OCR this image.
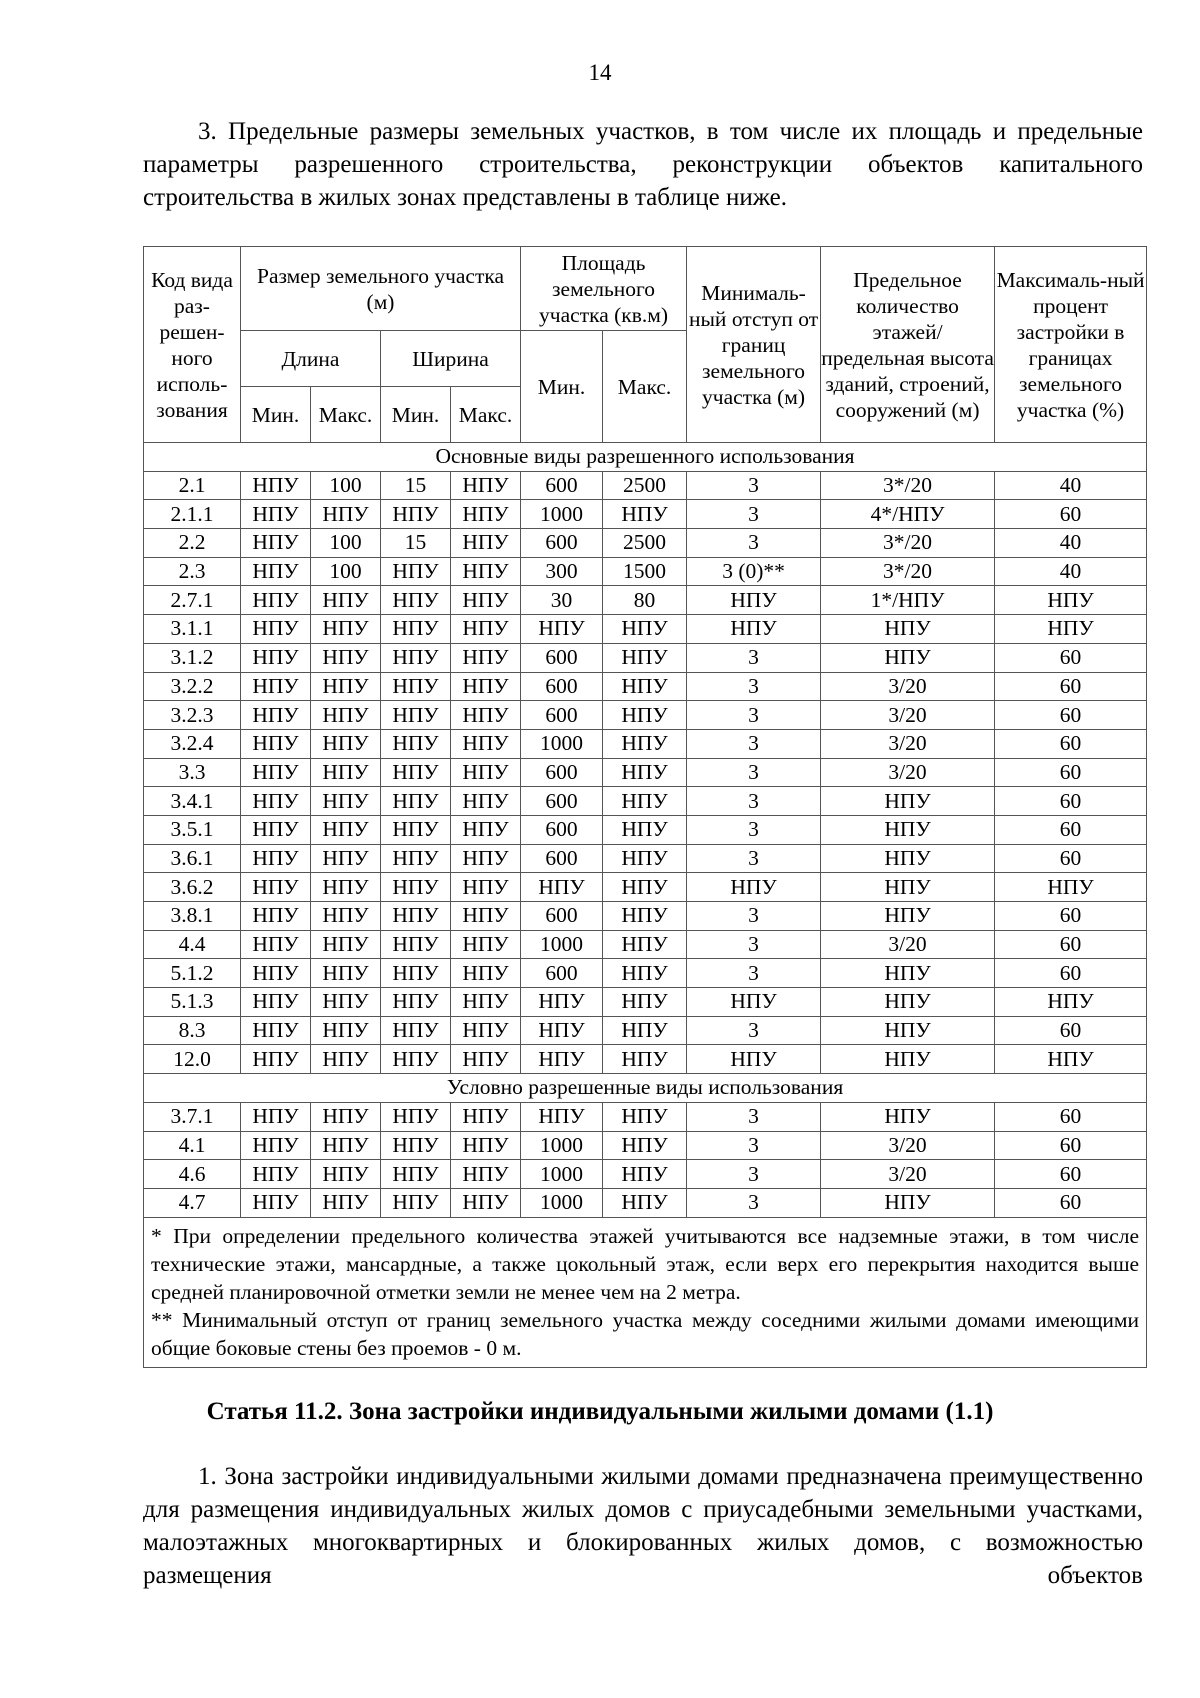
14

3. Предельные размеры земельных участков, в том числе их площадь и предельные параметры разрешенного строительства, реконструкции объектов капитального строительства в жилых зонах представлены в таблице ниже.

Код вида раз-решен-ного исполь-зования	Размер земельного участка (м)				Площадь земельного участка (кв.м)		Минималь-ный отступ от границ земельного участка (м)	Предельное количество этажей/ предельная высота зданий, строений, сооружений (м)	Максималь-ный процент застройки в границах земельного участка (%)
	Длина		Ширина		Мин.	Макс.			
	Мин.	Макс.	Мин.	Макс.					
Основные виды разрешенного использования									
2.1	НПУ	100	15	НПУ	600	2500	3	3*/20	40
2.1.1	НПУ	НПУ	НПУ	НПУ	1000	НПУ	3	4*/НПУ	60
2.2	НПУ	100	15	НПУ	600	2500	3	3*/20	40
2.3	НПУ	100	НПУ	НПУ	300	1500	3 (0)**	3*/20	40
2.7.1	НПУ	НПУ	НПУ	НПУ	30	80	НПУ	1*/НПУ	НПУ
3.1.1	НПУ	НПУ	НПУ	НПУ	НПУ	НПУ	НПУ	НПУ	НПУ
3.1.2	НПУ	НПУ	НПУ	НПУ	600	НПУ	3	НПУ	60
3.2.2	НПУ	НПУ	НПУ	НПУ	600	НПУ	3	3/20	60
3.2.3	НПУ	НПУ	НПУ	НПУ	600	НПУ	3	3/20	60
3.2.4	НПУ	НПУ	НПУ	НПУ	1000	НПУ	3	3/20	60
3.3	НПУ	НПУ	НПУ	НПУ	600	НПУ	3	3/20	60
3.4.1	НПУ	НПУ	НПУ	НПУ	600	НПУ	3	НПУ	60
3.5.1	НПУ	НПУ	НПУ	НПУ	600	НПУ	3	НПУ	60
3.6.1	НПУ	НПУ	НПУ	НПУ	600	НПУ	3	НПУ	60
3.6.2	НПУ	НПУ	НПУ	НПУ	НПУ	НПУ	НПУ	НПУ	НПУ
3.8.1	НПУ	НПУ	НПУ	НПУ	600	НПУ	3	НПУ	60
4.4	НПУ	НПУ	НПУ	НПУ	1000	НПУ	3	3/20	60
5.1.2	НПУ	НПУ	НПУ	НПУ	600	НПУ	3	НПУ	60
5.1.3	НПУ	НПУ	НПУ	НПУ	НПУ	НПУ	НПУ	НПУ	НПУ
8.3	НПУ	НПУ	НПУ	НПУ	НПУ	НПУ	3	НПУ	60
12.0	НПУ	НПУ	НПУ	НПУ	НПУ	НПУ	НПУ	НПУ	НПУ
Условно разрешенные виды использования									
3.7.1	НПУ	НПУ	НПУ	НПУ	НПУ	НПУ	3	НПУ	60
4.1	НПУ	НПУ	НПУ	НПУ	1000	НПУ	3	3/20	60
4.6	НПУ	НПУ	НПУ	НПУ	1000	НПУ	3	3/20	60
4.7	НПУ	НПУ	НПУ	НПУ	1000	НПУ	3	НПУ	60

* При определении предельного количества этажей учитываются все надземные этажи, в том числе технические этажи, мансардные, а также цокольный этаж, если верх его перекрытия находится выше средней планировочной отметки земли не менее чем на 2 метра.
** Минимальный отступ от границ земельного участка между соседними жилыми домами имеющими общие боковые стены без проемов - 0 м.									
Статья 11.2. Зона застройки индивидуальными жилыми домами (1.1)

1. Зона застройки индивидуальными жилыми домами предназначена преимущественно для размещения индивидуальных жилых домов с приусадебными земельными участками, малоэтажных многоквартирных и блокированных жилых домов, с возможностью размещения объектов
